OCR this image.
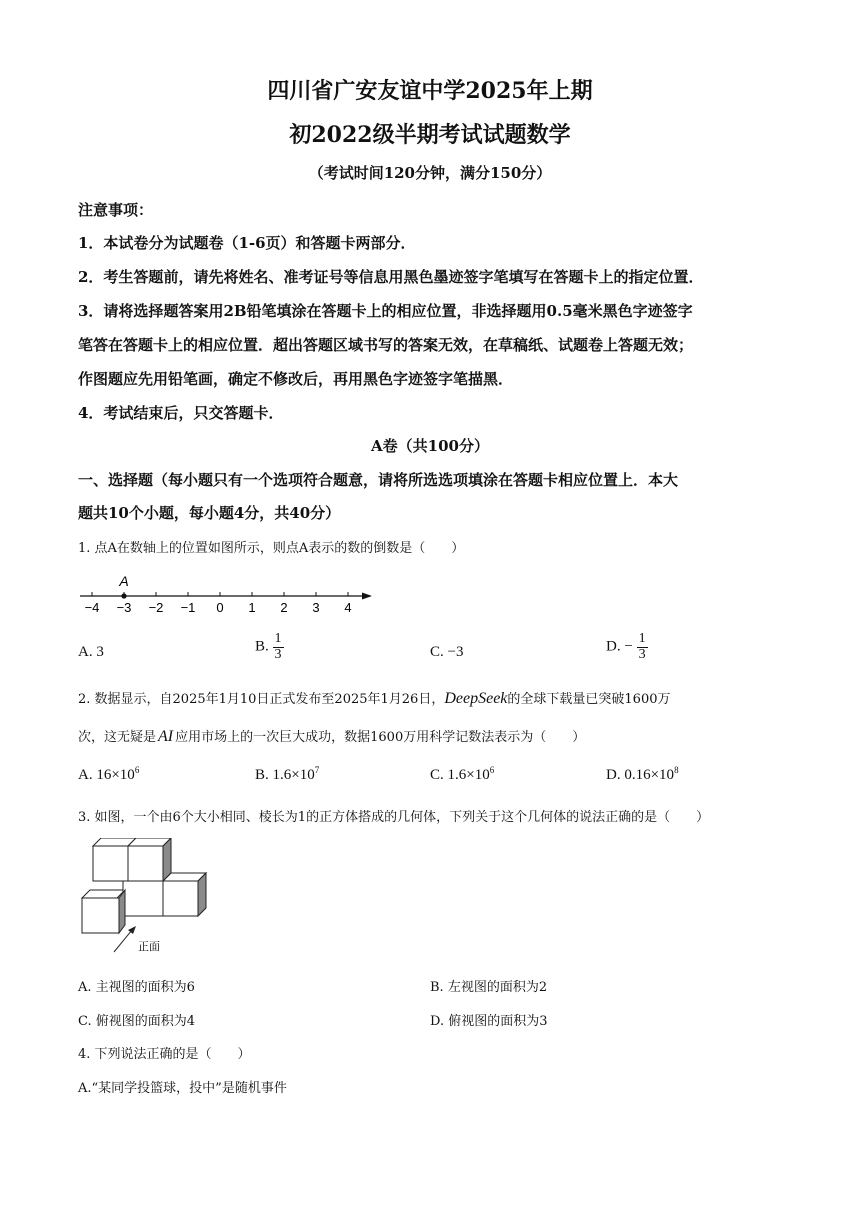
四川省广安友谊中学2025年上期
初2022级半期考试试题数学
（考试时间120分钟，满分150分）
注意事项：
1．本试卷分为试题卷（1-6页）和答题卡两部分．
2．考生答题前，请先将姓名、准考证号等信息用黑色墨迹签字笔填写在答题卡上的指定位置．
3．请将选择题答案用2B铅笔填涂在答题卡上的相应位置，非选择题用0.5毫米黑色字迹签字
笔答在答题卡上的相应位置．超出答题区域书写的答案无效，在草稿纸、试题卷上答题无效；
作图题应先用铅笔画，确定不修改后，再用黑色字迹签字笔描黑．
4．考试结束后，只交答题卡．
A卷（共100分）
一、选择题（每小题只有一个选项符合题意，请将所选选项填涂在答题卡相应位置上．本大
题共10个小题，每小题4分，共40分）
1. 点A在数轴上的位置如图所示，则点A表示的数的倒数是（　　）
−4 −3 −2 −1 0 1 2 3 4
A
A. 3	B. $\frac{1}{3}$	C. −3	D. − $\frac{1}{3}$
2. 数据显示，自2025年1月10日正式发布至2025年1月26日，DeepSeek的全球下载量已突破1600万
次，这无疑是 AI 应用市场上的一次巨大成功，数据1600万用科学记数法表示为（　　）
A. $16\times 10^6$	B. $1.6\times 10^7$	C. $1.6\times 10^6$	D. $0.16\times 10^8$
3. 如图，一个由6个大小相同、棱长为1的正方体搭成的几何体，下列关于这个几何体的说法正确的是（　　）
正面
A. 主视图的面积为6	B. 左视图的面积为2
C. 俯视图的面积为4	D. 俯视图的面积为3
4. 下列说法正确的是（　　）
A.“某同学投篮球，投中”是随机事件
